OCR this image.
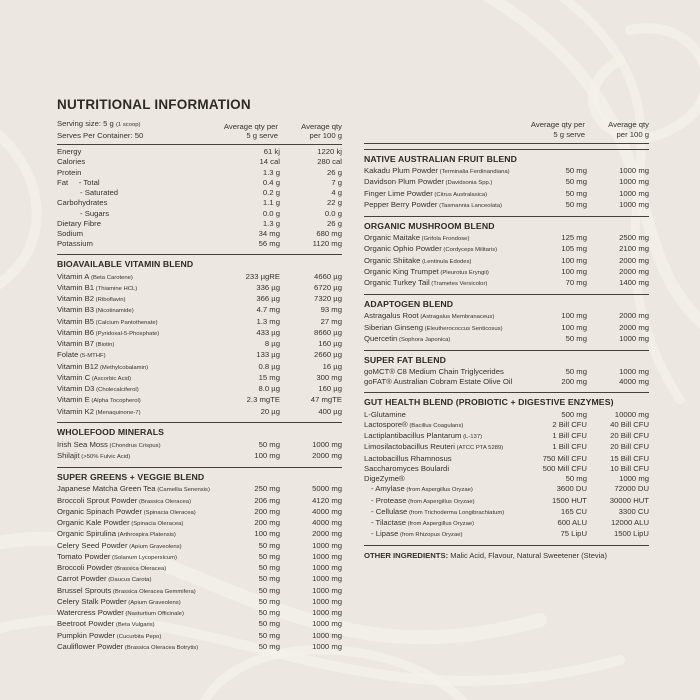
NUTRITIONAL INFORMATION
Serving size: 5 g (1 scoop)
Serves Per Container: 50
Average qty per
5 g serve
Average qty
per 100 g
Energy	61 kj	1220 kj
Calories	14 cal	280 cal
Protein	1.3 g	26 g
Fat     - Total	0.4 g	7 g
- Saturated	0.2 g	4 g
Carbohydrates	1.1 g	22 g
- Sugars	0.0 g	0.0 g
Dietary Fibre	1.3 g	26 g
Sodium	34 mg	680 mg
Potassium	56 mg	1120 mg
BIOAVAILABLE VITAMIN BLEND
Vitamin A (Beta Carotene)	233 µgRE	4660 µg
Vitamin B1 (Thiamine HCL)	336 µg	6720 µg
Vitamin B2 (Riboflavin)	366 µg	7320 µg
Vitamin B3 (Nicotinamide)	4.7 mg	93 mg
Vitamin B5 (Calcium Pantothenate)	1.3 mg	27 mg
Vitamin B6 (Pyridoxal-5-Phosphate)	433 µg	8660 µg
Vitamin B7 (Biotin)	8 µg	160 µg
Folate (5-MTHF)	133 µg	2660 µg
Vitamin B12 (Methylcobalamin)	0.8 µg	16 µg
Vitamin C (Ascorbic Acid)	15 mg	300 mg
Vitamin D3 (Cholecalciferol)	8.0 µg	160 µg
Vitamin E (Alpha Tocopherol)	2.3 mgTE	47 mgTE
Vitamin K2 (Menaquinone-7)	20 µg	400 µg
WHOLEFOOD MINERALS
Irish Sea Moss (Chondrus Crispus)	50 mg	1000 mg
Shilajit (>50% Fulvic Acid)	100 mg	2000 mg
SUPER GREENS + VEGGIE BLEND
Japanese Matcha Green Tea (Camellia Senensis)	250 mg	5000 mg
Broccoli Sprout Powder (Brassica Oleracea)	206 mg	4120 mg
Organic Spinach Powder (Spinacia Oleracea)	200 mg	4000 mg
Organic Kale Powder (Spinacia Oleracea)	200 mg	4000 mg
Organic Spirulina (Arthrospira Platensis)	100 mg	2000 mg
Celery Seed Powder (Apium Graveolens)	50 mg	1000 mg
Tomato Powder (Solanum Lycopersicum)	50 mg	1000 mg
Broccoli Powder (Brassica Oleracea)	50 mg	1000 mg
Carrot Powder (Daucus Carota)	50 mg	1000 mg
Brussel Sprouts (Brassica Oleracea Gemmifera)	50 mg	1000 mg
Celery Stalk Powder (Apium Graveolens)	50 mg	1000 mg
Watercress Powder (Nasturtium Officinale)	50 mg	1000 mg
Beetroot Powder (Beta Vulgaris)	50 mg	1000 mg
Pumpkin Powder (Cucurbita Pepo)	50 mg	1000 mg
Cauliflower Powder (Brassica Oleracea Botrytis)	50 mg	1000 mg
Average qty per
5 g serve
Average qty
per 100 g
NATIVE AUSTRALIAN FRUIT BLEND
Kakadu Plum Powder (Terminalia Ferdinandiana)	50 mg	1000 mg
Davidson Plum Powder (Davidsonia Spp.)	50 mg	1000 mg
Finger Lime Powder (Citrus Australasica)	50 mg	1000 mg
Pepper Berry Powder (Tasmannia Lanceolata)	50 mg	1000 mg
ORGANIC MUSHROOM BLEND
Organic Maitake (Grifola Frondose)	125 mg	2500 mg
Organic Ophio Powder (Cordyceps Militaris)	105 mg	2100 mg
Organic Shiitake (Lentinula Edodes)	100 mg	2000 mg
Organic King Trumpet (Pleurotus Eryngii)	100 mg	2000 mg
Organic Turkey Tail (Trametes Versicolor)	70 mg	1400 mg
ADAPTOGEN BLEND
Astragalus Root (Astragalus Membranaceus)	100 mg	2000 mg
Siberian Ginseng (Eleutherococcus Senticosus)	100 mg	2000 mg
Quercetin (Sophora Japonica)	50 mg	1000 mg
SUPER FAT BLEND
goMCT® C8 Medium Chain Triglycerides	50 mg	1000 mg
goFAT® Australian Cobram Estate Olive Oil	200 mg	4000 mg
GUT HEALTH BLEND (PROBIOTIC + DIGESTIVE ENZYMES)
L-Glutamine	500 mg	10000 mg
Lactospore® (Bacillus Coagulans)	2 Bill CFU	40 Bill CFU
Lactiplantibacillus Plantarum (L-137)	1 Bill CFU	20 Bill CFU
Limosilactobacillus Reuteri (ATCC PTA 5289)	1 Bill CFU	20 Bill CFU
Lactobacillus Rhamnosus	750 Mill CFU	15 Bill CFU
Saccharomyces Boulardi	500 Mill CFU	10 Bill CFU
DigeZyme®	50 mg	1000 mg
- Amylase (from Aspergillus Oryzae)	3600 DU	72000 DU
- Protease (from Aspergillus Oryzae)	1500 HUT	30000 HUT
- Cellulase (from Trichoderma Longibrachiatum)	165 CU	3300 CU
- Tilactase (from Aspergillus Oryzae)	600 ALU	12000 ALU
- Lipase (from Rhizopus Oryzae)	75 LipU	1500 LipU
OTHER INGREDIENTS: Malic Acid, Flavour, Natural Sweetener (Stevia)
